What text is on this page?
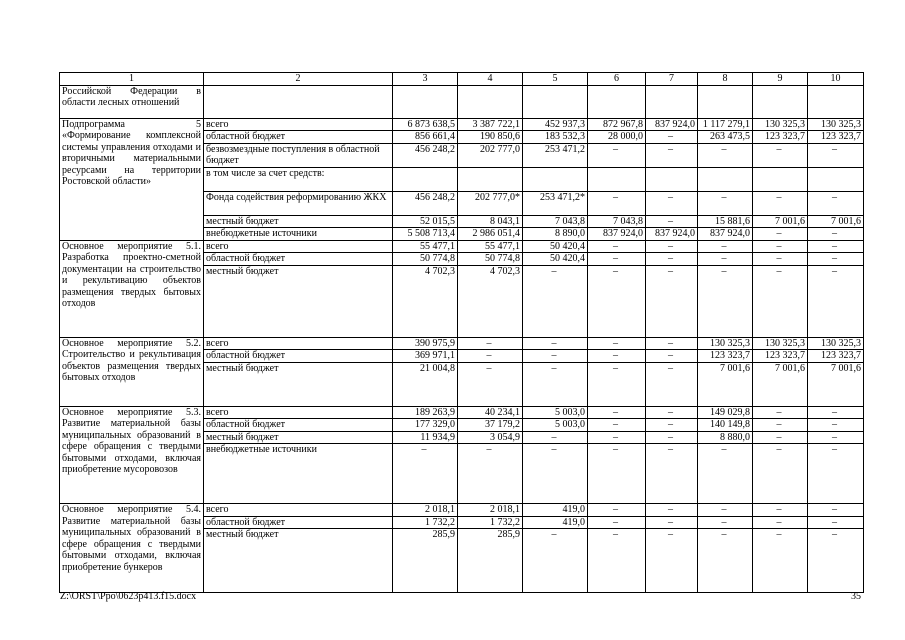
1	2	3	4	5	6	7	8	9	10
Российской Федерации в области лесных отношений									
Подпрограмма 5 «Формирование комплексной системы управления отходами и вторичными материальными ресурсами на территории Ростовской области»	всего	6 873 638,5	3 387 722,1	452 937,3	872 967,8	837 924,0	1 117 279,1	130 325,3	130 325,3
	областной бюджет	856 661,4	190 850,6	183 532,3	28 000,0	–	263 473,5	123 323,7	123 323,7
	безвозмездные поступления в областной бюджет	456 248,2	202 777,0	253 471,2	–	–	–	–	–
	в том числе за счет средств:								
	Фонда содействия реформированию ЖКХ	456 248,2	202 777,0*	253 471,2*	–	–	–	–	–
	местный бюджет	52 015,5	8 043,1	7 043,8	7 043,8	–	15 881,6	7 001,6	7 001,6
	внебюджетные источники	5 508 713,4	2 986 051,4	8 890,0	837 924,0	837 924,0	837 924,0	–	–
Основное мероприятие 5.1. Разработка проектно-сметной документации на строительство и рекультивацию объектов размещения твердых бытовых отходов	всего	55 477,1	55 477,1	50 420,4	–	–	–	–	–
	областной бюджет	50 774,8	50 774,8	50 420,4	–	–	–	–	–
	местный бюджет	4 702,3	4 702,3	–	–	–	–	–	–
Основное мероприятие 5.2. Строительство и рекультивация объектов размещения твердых бытовых отходов	всего	390 975,9	–	–	–	–	130 325,3	130 325,3	130 325,3
	областной бюджет	369 971,1	–	–	–	–	123 323,7	123 323,7	123 323,7
	местный бюджет	21 004,8	–	–	–	–	7 001,6	7 001,6	7 001,6
Основное мероприятие 5.3. Развитие материальной базы муниципальных образований в сфере обращения с твердыми бытовыми отходами, включая приобретение мусоровозов	всего	189 263,9	40 234,1	5 003,0	–	–	149 029,8	–	–
	областной бюджет	177 329,0	37 179,2	5 003,0	–	–	140 149,8	–	–
	местный бюджет	11 934,9	3 054,9	–	–	–	8 880,0	–	–
	внебюджетные источники	–	–	–	–	–	–	–	–
Основное мероприятие 5.4. Развитие материальной базы муниципальных образований в сфере обращения с твердыми бытовыми отходами, включая приобретение бункеров	всего	2 018,1	2 018,1	419,0	–	–	–	–	–
	областной бюджет	1 732,2	1 732,2	419,0	–	–	–	–	–
	местный бюджет	285,9	285,9	–	–	–	–	–	–
Z:\ORST\Ppo\0623p413.f15.docx	35
